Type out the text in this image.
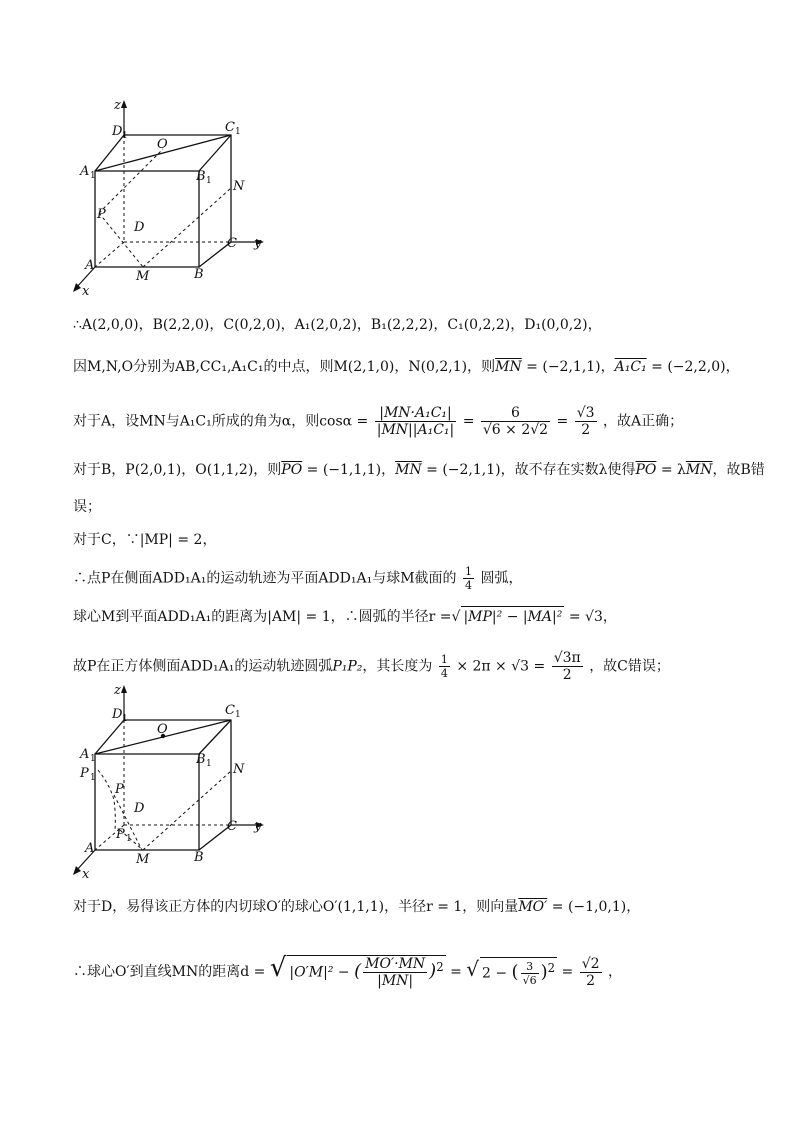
z
y
x
D 1
C 1
A 1	B 1
O
N
P
D
C
A
B
M
∴A(2,0,0)，B(2,2,0)，C(0,2,0)，A₁(2,0,2)，B₁(2,2,2)，C₁(0,2,2)，D₁(0,0,2)，
因M,N,O分别为AB,CC₁,A₁C₁的中点，则M(2,1,0)，N(0,2,1)，则$\overline{MN} = (-2,1,1)$，A₁C₁ = (−2,2,0)，
对于A，设MN与A₁C₁所成的角为α，则$\cos\alpha = \frac{\text{|MN·A₁C₁|}}{\text{|MN||A₁C₁|}} = \frac{6}{√6 \times 2√2} = \frac{√3}{2}$ ，故A正确；
对于B，P(2,0,1)，O(1,1,2)，则$\overline{PO} = (-1,1,1)$，$\overline{MN} = (-2,1,1)$，故不存在实数λ使得$\overline{PO} = \lambda\overline{MN}$，故B错
误；
对于C，∵|MP| = 2，
∴点P在侧面ADD₁A₁的运动轨迹为平面ADD₁A₁与球M截面的 $\frac{1}{4}$ 圆弧，
球心M到平面ADD₁A₁的距离为|AM| = 1，∴圆弧的半径r =√ |MP|² − |MA|² = √3，
故P在正方体侧面ADD₁A₁的运动轨迹圆弧P₁P₂，其长度为 $\frac{1}{4} \times 2\pi \times √3 = \frac{√3\pi}{2}$ ，故C错误；
z
y
x
D 1
C 1
A 1	B 1
O
N
P 1
P
D
P 1
C
A
B
M
对于D，易得该正方体的内切球O′的球心O′(1,1,1)，半径r = 1，则向量MO′ = (−1,0,1)，
∴球心O′到直线MN的距离d = √ |O′M|² − ( $\frac{MO'\cdot MN}{|MN|} )^2$ = √ 2 − ( $\frac{3}{√6} )^2 = \frac{√2}{2}$ ，
